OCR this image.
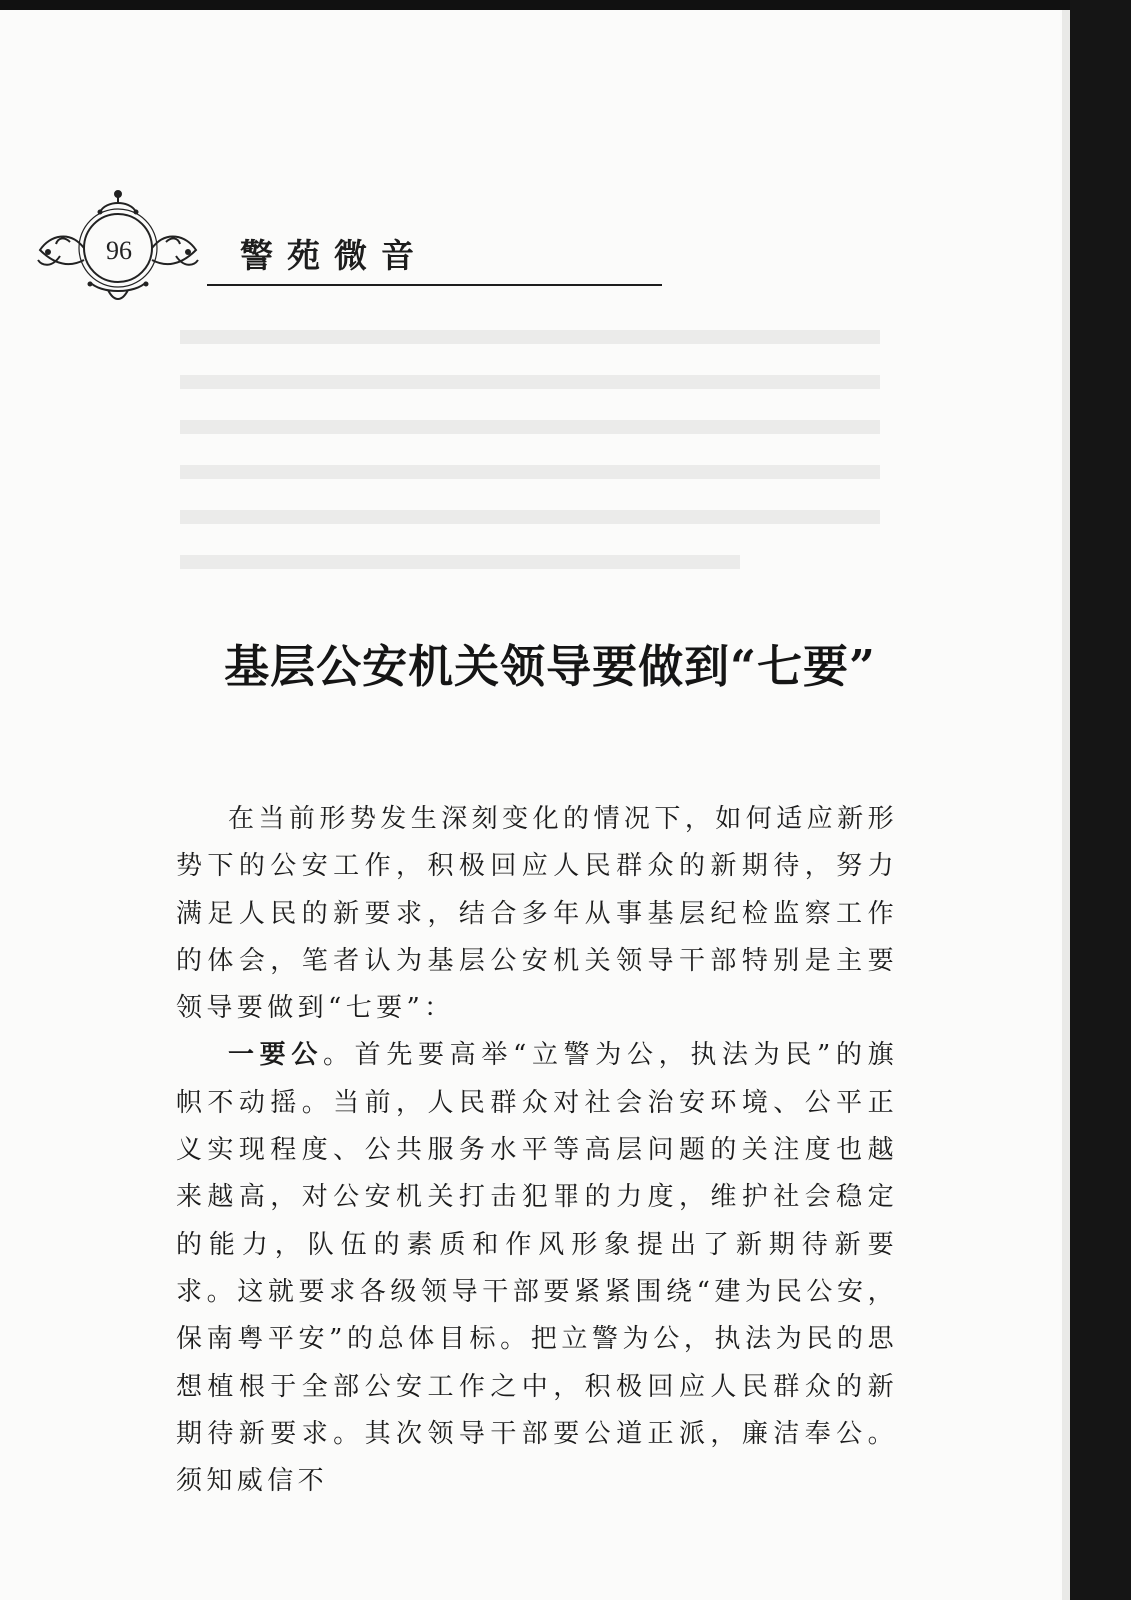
96	警苑微音
基层公安机关领导要做到“七要”

在当前形势发生深刻变化的情况下，如何适应新形势下的公安工作，积极回应人民群众的新期待，努力满足人民的新要求，结合多年从事基层纪检监察工作的体会，笔者认为基层公安机关领导干部特别是主要领导要做到“七要”：

一要公。首先要高举“立警为公，执法为民”的旗帜不动摇。当前，人民群众对社会治安环境、公平正义实现程度、公共服务水平等高层问题的关注度也越来越高，对公安机关打击犯罪的力度，维护社会稳定的能力，队伍的素质和作风形象提出了新期待新要求。这就要求各级领导干部要紧紧围绕“建为民公安，保南粤平安”的总体目标。把立警为公，执法为民的思想植根于全部公安工作之中，积极回应人民群众的新期待新要求。其次领导干部要公道正派，廉洁奉公。须知威信不
